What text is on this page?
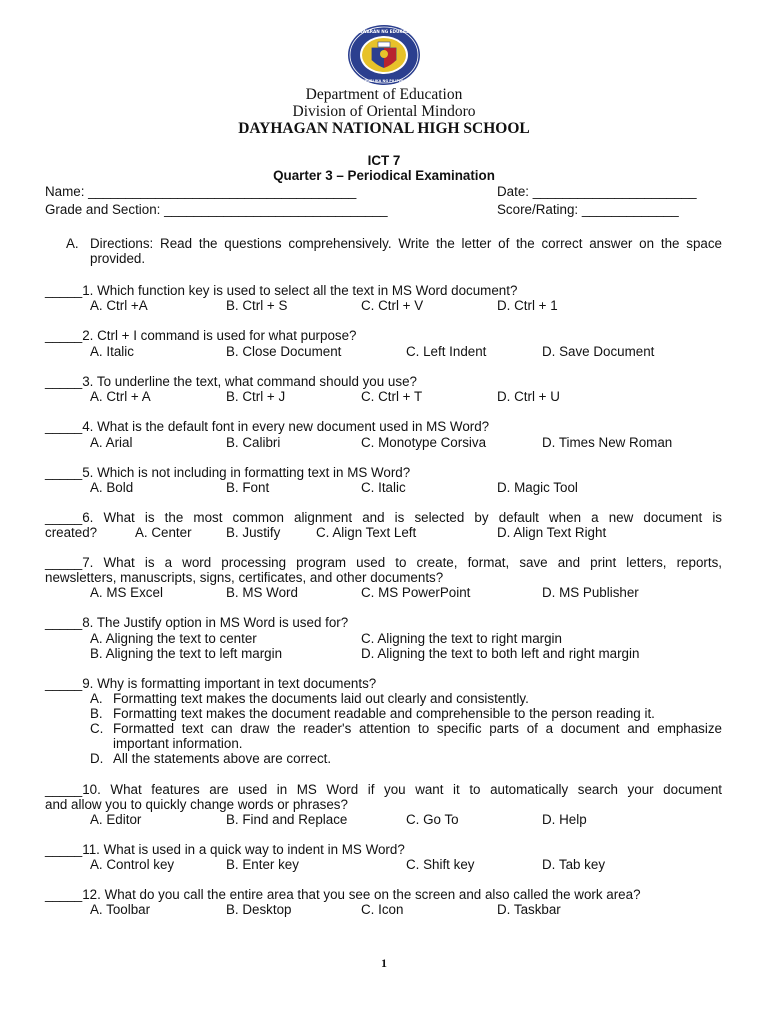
KAGAWARAN NG EDUKASYON
REPUBLIKA NG PILIPINAS
Department of Education
Division of Oriental Mindoro
DAYHAGAN NATIONAL HIGH SCHOOL
ICT 7
Quarter 3 – Periodical Examination
Name: ____________________________________	Date: ______________________
Grade and Section: ______________________________	Score/Rating: _____________
A. Directions: Read the questions comprehensively. Write the letter of the correct answer on the space provided.
_____1. Which function key is used to select all the text in MS Word document?
A. Ctrl +A	B. Ctrl + S	C. Ctrl + V	D. Ctrl + 1
_____2. Ctrl + I command is used for what purpose?
A. Italic	B. Close Document	C. Left Indent	D. Save Document
_____3. To underline the text, what command should you use?
A. Ctrl + A	B. Ctrl + J	C. Ctrl + T	D. Ctrl + U
_____4. What is the default font in every new document used in MS Word?
A. Arial	B. Calibri	C. Monotype Corsiva	D. Times New Roman
_____5. Which is not including in formatting text in MS Word?
A. Bold	B. Font	C. Italic	D. Magic Tool
_____6. What is the most common alignment and is selected by default when a new document is
created?	A. Center	B. Justify	C. Align Text Left	D. Align Text Right
_____7. What is a word processing program used to create, format, save and print letters, reports,
newsletters, manuscripts, signs, certificates, and other documents?
A. MS Excel	B. MS Word	C. MS PowerPoint	D. MS Publisher
_____8. The Justify option in MS Word is used for?
A. Aligning the text to center	C. Aligning the text to right margin
B. Aligning the text to left margin	D. Aligning the text to both left and right margin
_____9. Why is formatting important in text documents?
A. Formatting text makes the documents laid out clearly and consistently.
B. Formatting text makes the document readable and comprehensible to the person reading it.
C. Formatted text can draw the reader's attention to specific parts of a document and emphasize important information.
D. All the statements above are correct.
_____10. What features are used in MS Word if you want it to automatically search your document
and allow you to quickly change words or phrases?
A. Editor	B. Find and Replace	C. Go To	D. Help
_____11. What is used in a quick way to indent in MS Word?
A. Control key	B. Enter key	C. Shift key	D. Tab key
_____12. What do you call the entire area that you see on the screen and also called the work area?
A. Toolbar	B. Desktop	C. Icon	D. Taskbar
1
